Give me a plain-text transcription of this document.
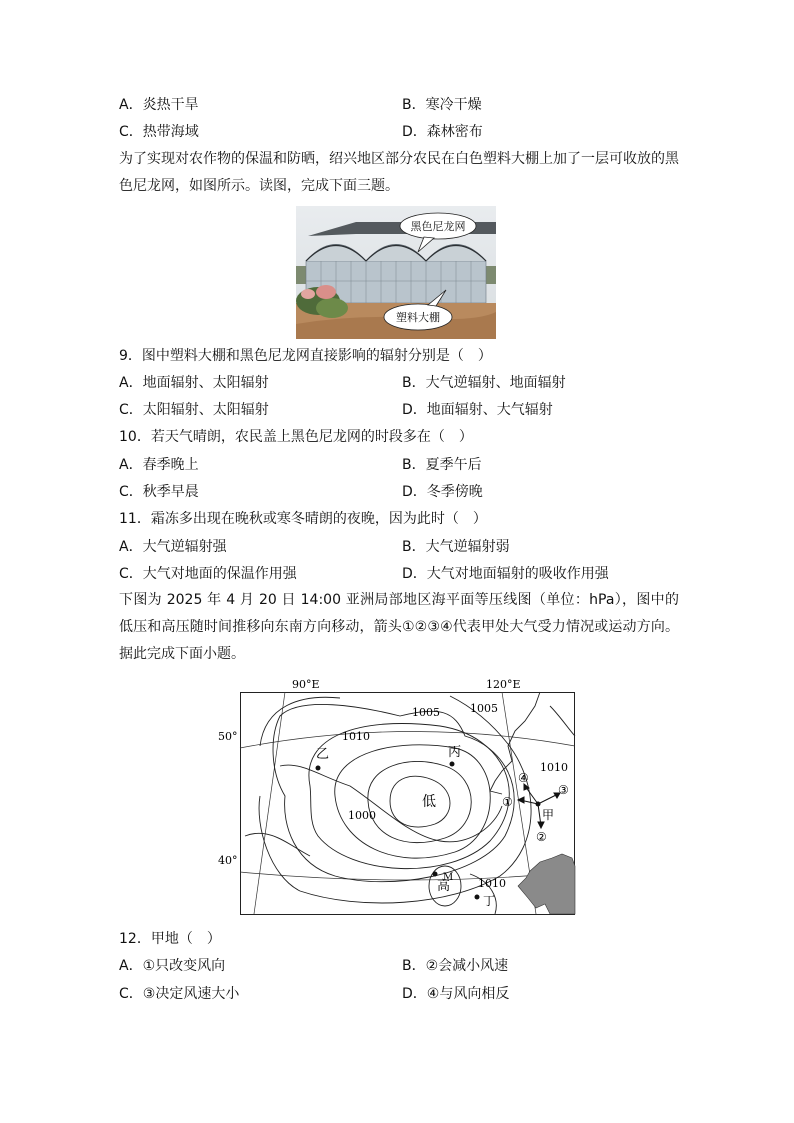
A．炎热干旱	B．寒冷干燥
C．热带海域	D．森林密布
为了实现对农作物的保温和防晒，绍兴地区部分农民在白色塑料大棚上加了一层可收放的黑色尼龙网，如图所示。读图，完成下面三题。
黑色尼龙网
塑料大棚
9．图中塑料大棚和黑色尼龙网直接影响的辐射分别是（　）
A．地面辐射、太阳辐射	B．大气逆辐射、地面辐射
C．太阳辐射、太阳辐射	D．地面辐射、大气辐射
10．若天气晴朗，农民盖上黑色尼龙网的时段多在（　）
A．春季晚上	B．夏季午后
C．秋季早晨	D．冬季傍晚
11．霜冻多出现在晚秋或寒冬晴朗的夜晚，因为此时（　）
A．大气逆辐射强	B．大气逆辐射弱
C．大气对地面的保温作用强	D．大气对地面辐射的吸收作用强
下图为 2025 年 4 月 20 日 14:00 亚洲局部地区海平面等压线图（单位：hPa），图中的低压和高压随时间推移向东南方向移动，箭头①②③④代表甲处大气受力情况或运动方向。据此完成下面小题。
90°E	120°E
50°
40°
1005	1005
1010
1010
1010
1000
低
高
乙	丙
甲
丁
M
①
②
③
④
12．甲地（　）
A．①只改变风向	B．②会减小风速
C．③决定风速大小	D．④与风向相反
